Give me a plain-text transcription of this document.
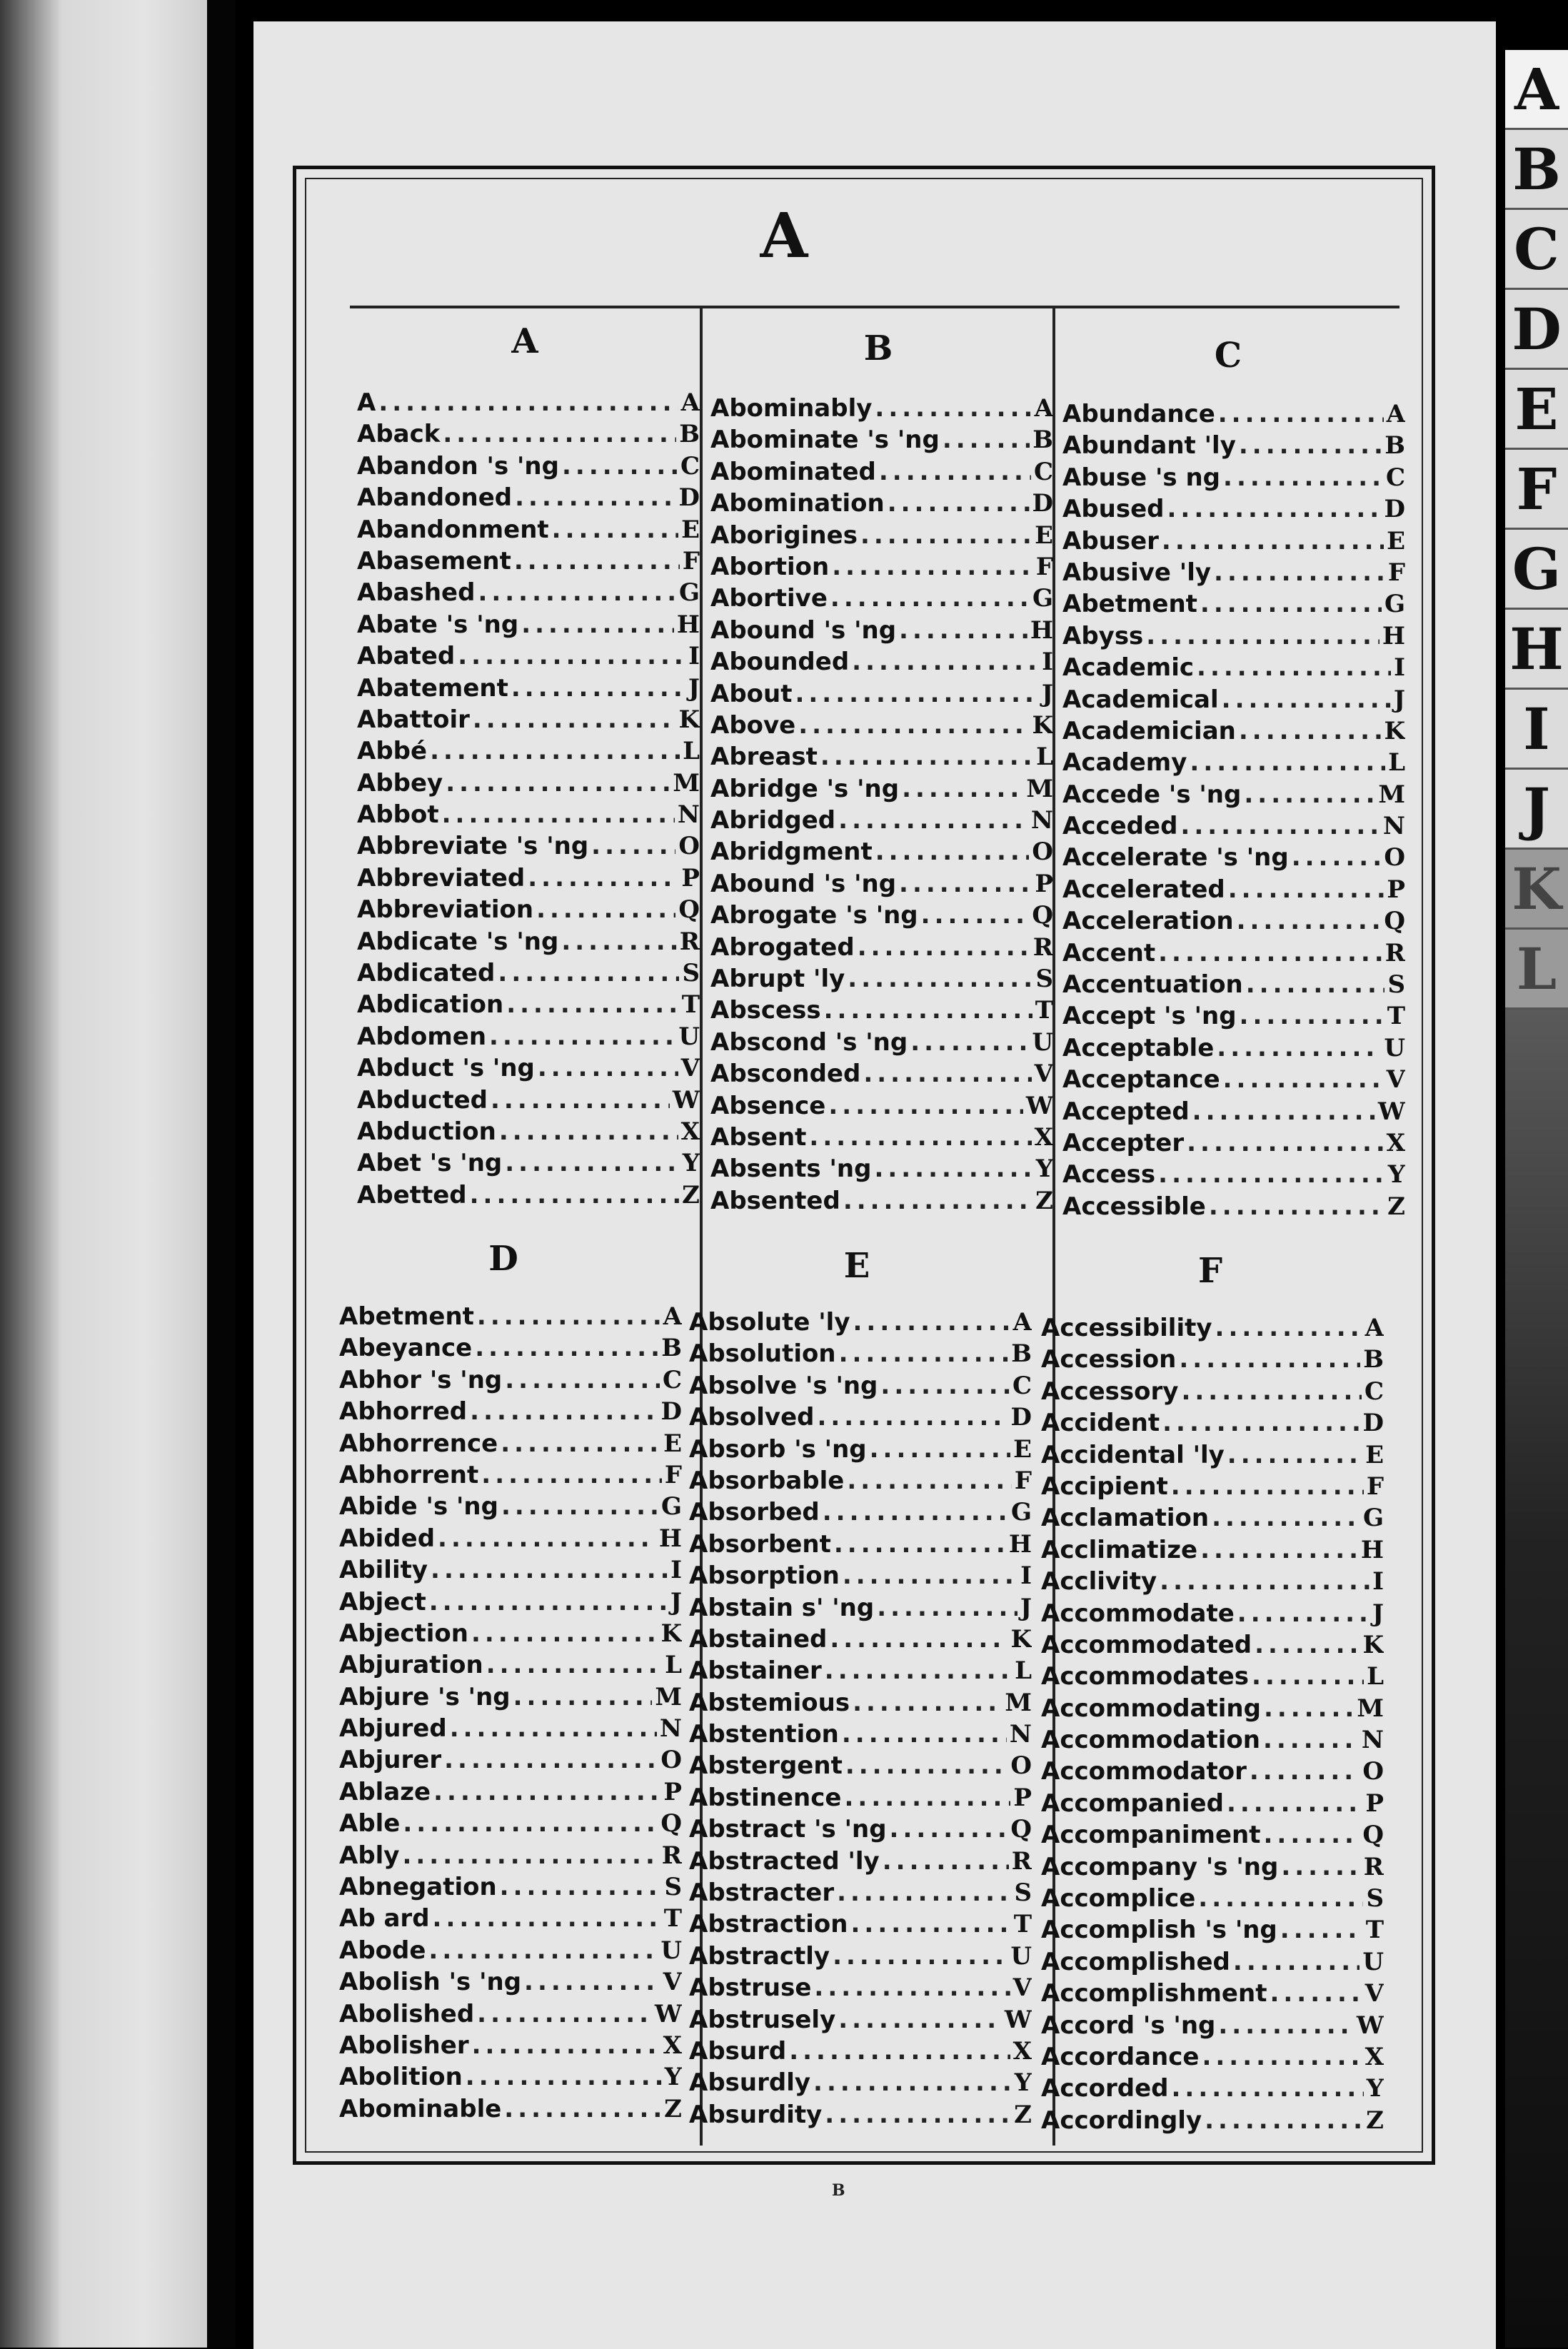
A
A	B	C
A .....	A
Aback .....	B
Abandon 's 'ng .....	C
Abandoned .....	D
Abandonment .....	E
Abasement .....	F
Abashed .....	G
Abate 's 'ng .....	H
Abated .....	I
Abatement .....	J
Abattoir .....	K
Abbé .....	L
Abbey .....	M
Abbot .....	N
Abbreviate 's 'ng .....	O
Abbreviated .....	P
Abbreviation .....	Q
Abdicate 's 'ng .....	R
Abdicated .....	S
Abdication .....	T
Abdomen .....	U
Abduct 's 'ng .....	V
Abducted .....	W
Abduction .....	X
Abet 's 'ng .....	Y
Abetted .....	Z
Abominably .....	A
Abominate 's 'ng .....	B
Abominated .....	C
Abomination .....	D
Aborigines .....	E
Abortion .....	F
Abortive .....	G
Abound 's 'ng .....	H
Abounded .....	I
About .....	J
Above .....	K
Abreast .....	L
Abridge 's 'ng .....	M
Abridged .....	N
Abridgment .....	O
Abound 's 'ng .....	P
Abrogate 's 'ng .....	Q
Abrogated .....	R
Abrupt 'ly .....	S
Abscess .....	T
Abscond 's 'ng .....	U
Absconded .....	V
Absence .....	W
Absent .....	X
Absents 'ng .....	Y
Absented .....	Z
Abundance .....	A
Abundant 'ly .....	B
Abuse 's ng .....	C
Abused .....	D
Abuser .....	E
Abusive 'ly .....	F
Abetment .....	G
Abyss .....	H
Academic .....	I
Academical .....	J
Academician .....	K
Academy .....	L
Accede 's 'ng .....	M
Acceded .....	N
Accelerate 's 'ng .....	O
Accelerated .....	P
Acceleration .....	Q
Accent .....	R
Accentuation .....	S
Accept 's 'ng .....	T
Acceptable .....	U
Acceptance .....	V
Accepted .....	W
Accepter .....	X
Access .....	Y
Accessible .....	Z
D	E	F
Abetment .....	A
Abeyance .....	B
Abhor 's 'ng .....	C
Abhorred .....	D
Abhorrence .....	E
Abhorrent .....	F
Abide 's 'ng .....	G
Abided .....	H
Ability .....	I
Abject .....	J
Abjection .....	K
Abjuration .....	L
Abjure 's 'ng .....	M
Abjured .....	N
Abjurer .....	O
Ablaze .....	P
Able .....	Q
Ably .....	R
Abnegation .....	S
Ab ard .....	T
Abode .....	U
Abolish 's 'ng .....	V
Abolished .....	W
Abolisher .....	X
Abolition .....	Y
Abominable .....	Z
Absolute 'ly .....	A
Absolution .....	B
Absolve 's 'ng .....	C
Absolved .....	D
Absorb 's 'ng .....	E
Absorbable .....	F
Absorbed .....	G
Absorbent .....	H
Absorption .....	I
Abstain s' 'ng .....	J
Abstained .....	K
Abstainer .....	L
Abstemious .....	M
Abstention .....	N
Abstergent .....	O
Abstinence .....	P
Abstract 's 'ng .....	Q
Abstracted 'ly .....	R
Abstracter .....	S
Abstraction .....	T
Abstractly .....	U
Abstruse .....	V
Abstrusely .....	W
Absurd .....	X
Absurdly .....	Y
Absurdity .....	Z
Accessibility .....	A
Accession .....	B
Accessory .....	C
Accident .....	D
Accidental 'ly .....	E
Accipient .....	F
Acclamation .....	G
Acclimatize .....	H
Acclivity .....	I
Accommodate .....	J
Accommodated .....	K
Accommodates .....	L
Accommodating .....	M
Accommodation .....	N
Accommodator .....	O
Accompanied .....	P
Accompaniment .....	Q
Accompany 's 'ng .....	R
Accomplice .....	S
Accomplish 's 'ng .....	T
Accomplished .....	U
Accomplishment .....	V
Accord 's 'ng .....	W
Accordance .....	X
Accorded .....	Y
Accordingly .....	Z
B
A
B
C
D
E
F
G
H
I
J
K
L
